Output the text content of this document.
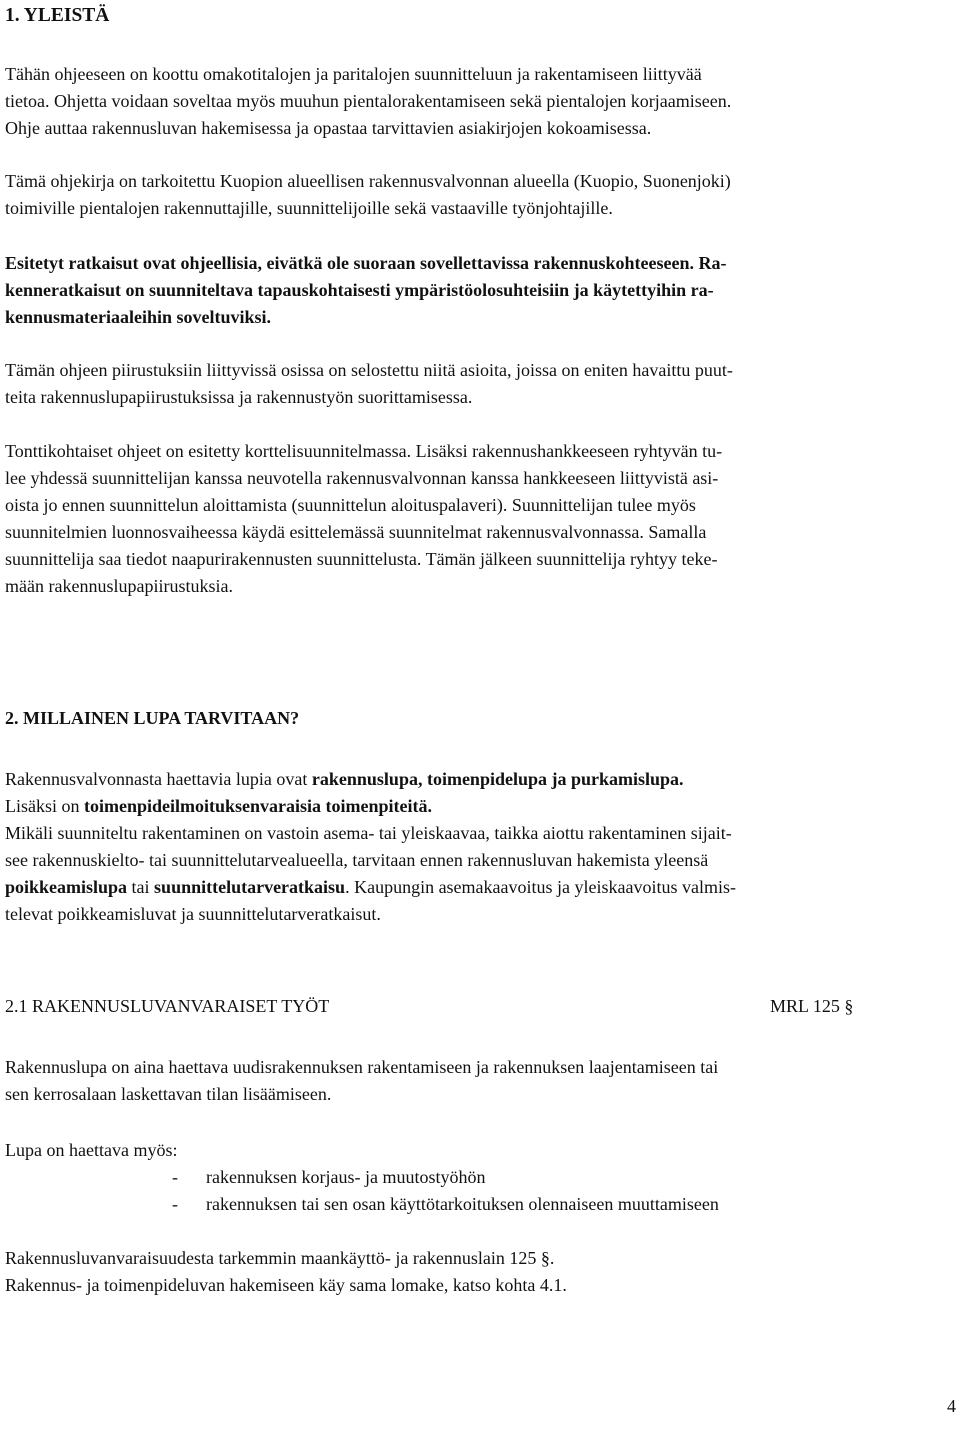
1. YLEISTÄ
Tähän ohjeeseen on koottu omakotitalojen ja paritalojen suunnitteluun ja rakentamiseen liittyvää
tietoa. Ohjetta voidaan soveltaa myös muuhun pientalorakentamiseen sekä pientalojen korjaamiseen.
Ohje auttaa rakennusluvan hakemisessa ja opastaa tarvittavien asiakirjojen kokoamisessa.
Tämä ohjekirja on tarkoitettu Kuopion alueellisen rakennusvalvonnan alueella (Kuopio, Suonenjoki)
toimiville pientalojen rakennuttajille, suunnittelijoille sekä vastaaville työnjohtajille.
Esitetyt ratkaisut ovat ohjeellisia, eivätkä ole suoraan sovellettavissa rakennuskohteeseen. Ra-
kenneratkaisut on suunniteltava tapauskohtaisesti ympäristöolosuhteisiin ja käytettyihin ra-
kennusmateriaaleihin soveltuviksi.
Tämän ohjeen piirustuksiin liittyvissä osissa on selostettu niitä asioita, joissa on eniten havaittu puut-
teita rakennuslupapiirustuksissa ja rakennustyön suorittamisessa.
Tonttikohtaiset ohjeet on esitetty korttelisuunnitelmassa. Lisäksi rakennushankkeeseen ryhtyvän tu-
lee yhdessä suunnittelijan kanssa neuvotella rakennusvalvonnan kanssa hankkeeseen liittyvistä asi-
oista jo ennen suunnittelun aloittamista (suunnittelun aloituspalaveri). Suunnittelijan tulee myös
suunnitelmien luonnosvaiheessa käydä esittelemässä suunnitelmat rakennusvalvonnassa. Samalla
suunnittelija saa tiedot naapurirakennusten suunnittelusta. Tämän jälkeen suunnittelija ryhtyy teke-
mään rakennuslupapiirustuksia.
2. MILLAINEN LUPA TARVITAAN?
Rakennusvalvonnasta haettavia lupia ovat rakennuslupa, toimenpidelupa ja purkamislupa.
Lisäksi on toimenpideilmoituksenvaraisia toimenpiteitä.
Mikäli suunniteltu rakentaminen on vastoin asema- tai yleiskaavaa, taikka aiottu rakentaminen sijait-
see rakennuskielto- tai suunnittelutarvealueella, tarvitaan ennen rakennusluvan hakemista yleensä
poikkeamislupa tai suunnittelutarveratkaisu. Kaupungin asemakaavoitus ja yleiskaavoitus valmis-
televat poikkeamisluvat ja suunnittelutarveratkaisut.
2.1 RAKENNUSLUVANVARAISET TYÖT	MRL 125 §
Rakennuslupa on aina haettava uudisrakennuksen rakentamiseen ja rakennuksen laajentamiseen tai
sen kerrosalaan laskettavan tilan lisäämiseen.
Lupa on haettava myös:
- rakennuksen korjaus- ja muutostyöhön
- rakennuksen tai sen osan käyttötarkoituksen olennaiseen muuttamiseen
Rakennusluvanvaraisuudesta tarkemmin maankäyttö- ja rakennuslain 125 §.
Rakennus- ja toimenpideluvan hakemiseen käy sama lomake, katso kohta 4.1.
4
